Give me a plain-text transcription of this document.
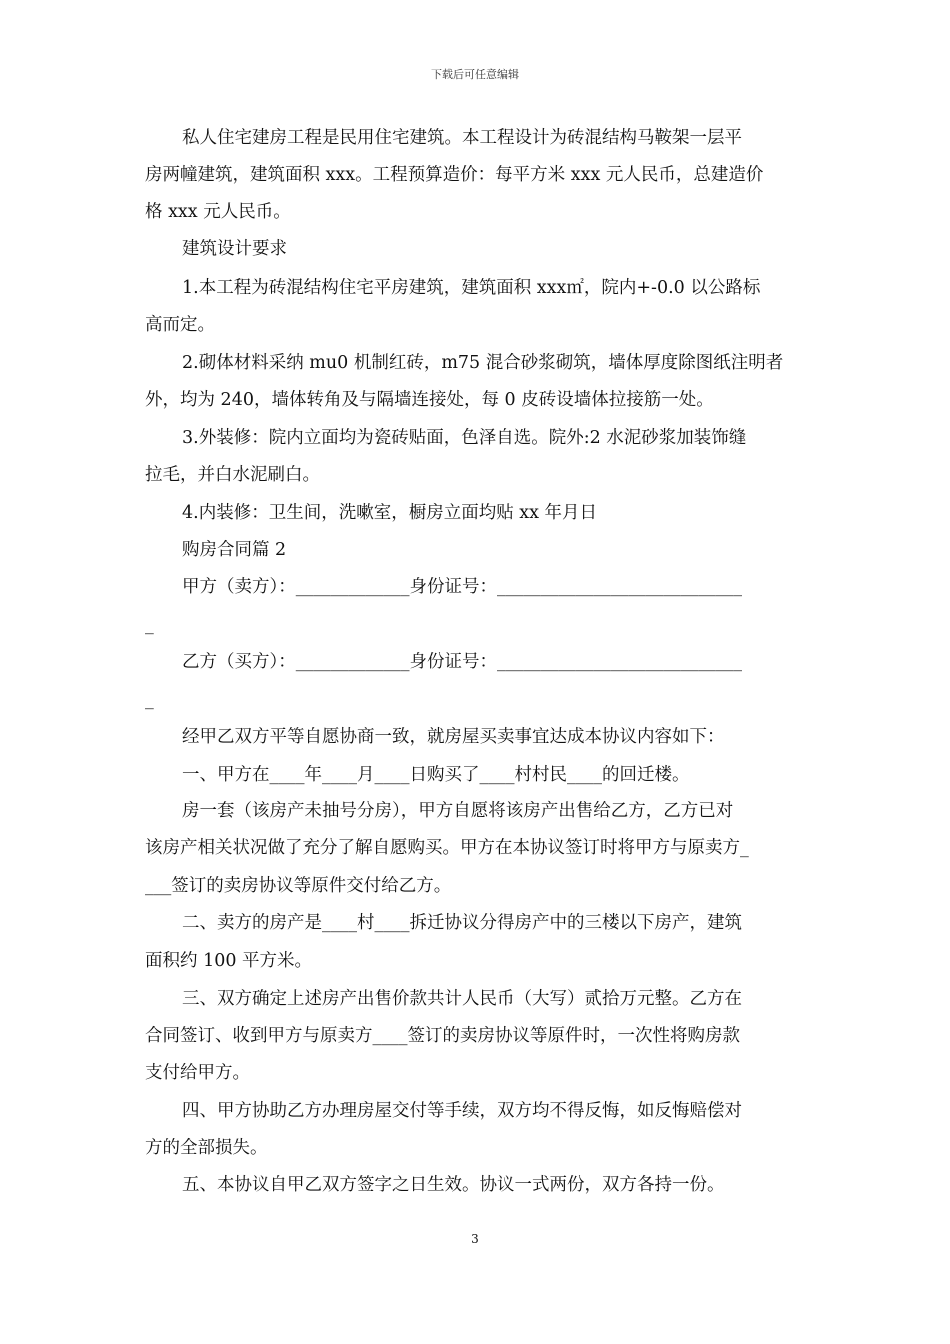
下载后可任意编辑
私人住宅建房工程是民用住宅建筑。本工程设计为砖混结构马鞍架一层平
房两幢建筑，建筑面积 xxx。工程预算造价：每平方米 xxx 元人民币，总建造价
格 xxx 元人民币。
建筑设计要求
1.本工程为砖混结构住宅平房建筑，建筑面积 xxx㎡，院内+-0.0 以公路标
高而定。
2.砌体材料采纳 mu0 机制红砖，m75 混合砂浆砌筑，墙体厚度除图纸注明者
外，均为 240，墙体转角及与隔墙连接处，每 0 皮砖设墙体拉接筋一处。
3.外装修：院内立面均为瓷砖贴面，色泽自选。院外:2 水泥砂浆加装饰缝
拉毛，并白水泥刷白。
4.内装修：卫生间，洗嗽室，橱房立面均贴 xx 年月日
购房合同篇 2
甲方（卖方）：_____________身份证号：____________________________
_
乙方（买方）：_____________身份证号：____________________________
_
经甲乙双方平等自愿协商一致，就房屋买卖事宜达成本协议内容如下：
一、甲方在____年____月____日购买了____村村民____的回迁楼。
房一套（该房产未抽号分房），甲方自愿将该房产出售给乙方，乙方已对
该房产相关状况做了充分了解自愿购买。甲方在本协议签订时将甲方与原卖方_
___签订的卖房协议等原件交付给乙方。
二、卖方的房产是____村____拆迁协议分得房产中的三楼以下房产，建筑
面积约 100 平方米。
三、双方确定上述房产出售价款共计人民币（大写）贰拾万元整。乙方在
合同签订、收到甲方与原卖方____签订的卖房协议等原件时，一次性将购房款
支付给甲方。
四、甲方协助乙方办理房屋交付等手续，双方均不得反悔，如反悔赔偿对
方的全部损失。
五、本协议自甲乙双方签字之日生效。协议一式两份，双方各持一份。
3
